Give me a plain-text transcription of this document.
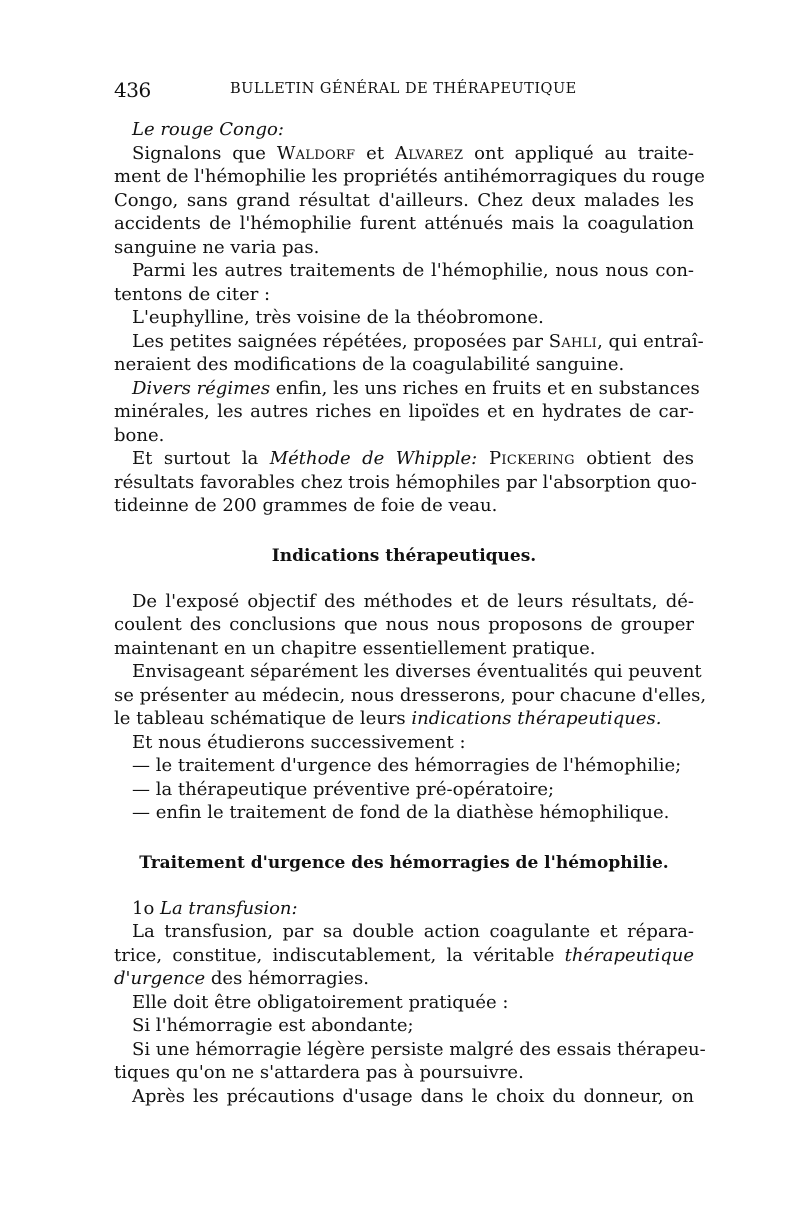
436	BULLETIN GÉNÉRAL DE THÉRAPEUTIQUE
Le rouge Congo:
Signalons que Waldorf et Alvarez ont appliqué au traite-
ment de l'hémophilie les propriétés antihémorragiques du rouge
Congo, sans grand résultat d'ailleurs. Chez deux malades les
accidents de l'hémophilie furent atténués mais la coagulation
sanguine ne varia pas.
Parmi les autres traitements de l'hémophilie, nous nous con-
tentons de citer :
L'euphylline, très voisine de la théobromone.
Les petites saignées répétées, proposées par Sahli, qui entraî-
neraient des modifications de la coagulabilité sanguine.
Divers régimes enfin, les uns riches en fruits et en substances
minérales, les autres riches en lipoïdes et en hydrates de car-
bone.
Et surtout la Méthode de Whipple: Pickering obtient des
résultats favorables chez trois hémophiles par l'absorption quo-
tideinne de 200 grammes de foie de veau.
Indications thérapeutiques.
De l'exposé objectif des méthodes et de leurs résultats, dé-
coulent des conclusions que nous nous proposons de grouper
maintenant en un chapitre essentiellement pratique.
Envisageant séparément les diverses éventualités qui peuvent
se présenter au médecin, nous dresserons, pour chacune d'elles,
le tableau schématique de leurs indications thérapeutiques.
Et nous étudierons successivement :
— le traitement d'urgence des hémorragies de l'hémophilie;
— la thérapeutique préventive pré-opératoire;
— enfin le traitement de fond de la diathèse hémophilique.
Traitement d'urgence des hémorragies de l'hémophilie.
1o La transfusion:
La transfusion, par sa double action coagulante et répara-
trice, constitue, indiscutablement, la véritable thérapeutique
d'urgence des hémorragies.
Elle doit être obligatoirement pratiquée :
Si l'hémorragie est abondante;
Si une hémorragie légère persiste malgré des essais thérapeu-
tiques qu'on ne s'attardera pas à poursuivre.
Après les précautions d'usage dans le choix du donneur, on
